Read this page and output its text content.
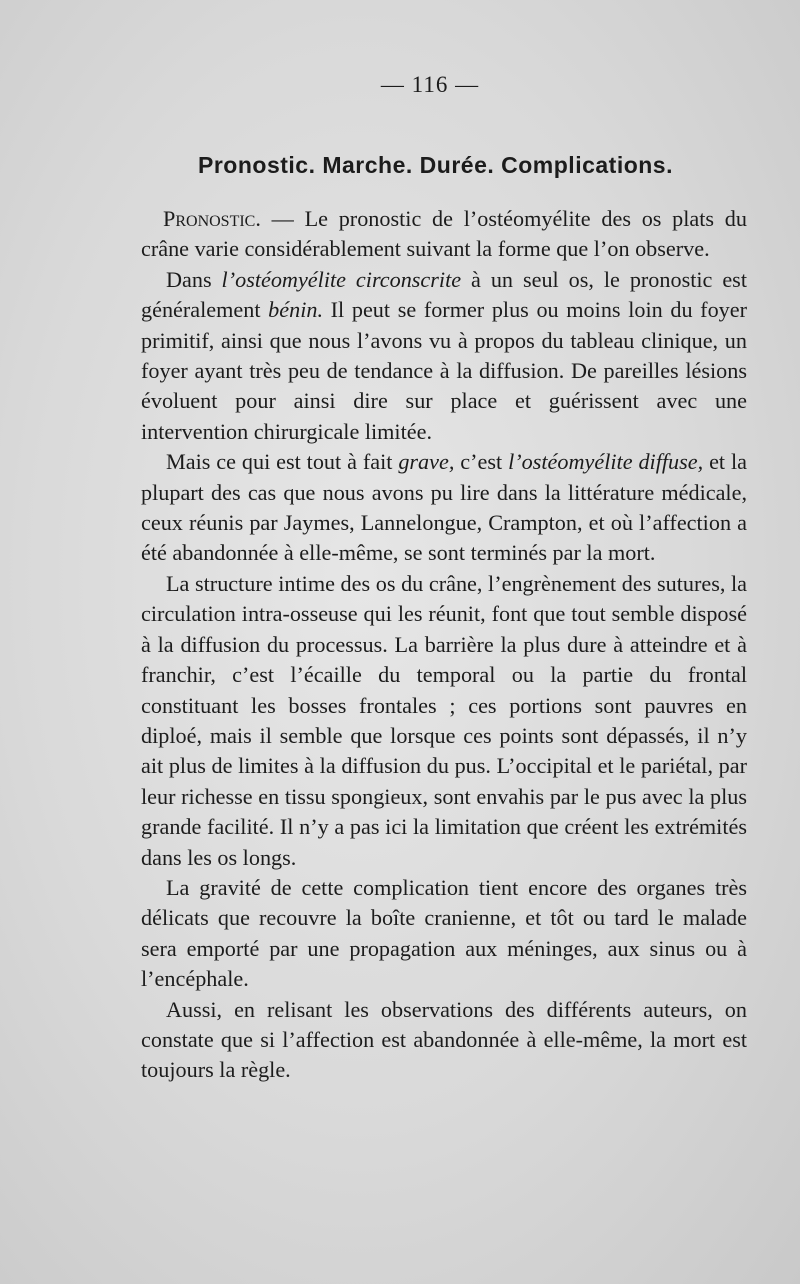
— 116 —
Pronostic. Marche. Durée. Complications.

Pronostic. — Le pronostic de l’ostéomyélite des os plats du crâne varie considérablement suivant la forme que l’on observe.

Dans l’ostéomyélite circonscrite à un seul os, le pronostic est généralement bénin. Il peut se former plus ou moins loin du foyer primitif, ainsi que nous l’avons vu à propos du tableau clinique, un foyer ayant très peu de tendance à la diffusion. De pareilles lésions évoluent pour ainsi dire sur place et guérissent avec une intervention chirurgicale limitée.

Mais ce qui est tout à fait grave, c’est l’ostéomyélite diffuse, et la plupart des cas que nous avons pu lire dans la littérature médicale, ceux réunis par Jaymes, Lannelongue, Crampton, et où l’affection a été abandonnée à elle-même, se sont terminés par la mort.

La structure intime des os du crâne, l’engrènement des sutures, la circulation intra-osseuse qui les réunit, font que tout semble disposé à la diffusion du processus. La barrière la plus dure à atteindre et à franchir, c’est l’écaille du temporal ou la partie du frontal constituant les bosses frontales ; ces portions sont pauvres en diploé, mais il semble que lorsque ces points sont dépassés, il n’y ait plus de limites à la diffusion du pus. L’occipital et le pariétal, par leur richesse en tissu spongieux, sont envahis par le pus avec la plus grande facilité. Il n’y a pas ici la limitation que créent les extrémités dans les os longs.

La gravité de cette complication tient encore des organes très délicats que recouvre la boîte cranienne, et tôt ou tard le malade sera emporté par une propagation aux méninges, aux sinus ou à l’encéphale.

Aussi, en relisant les observations des différents auteurs, on constate que si l’affection est abandonnée à elle-même, la mort est toujours la règle.
